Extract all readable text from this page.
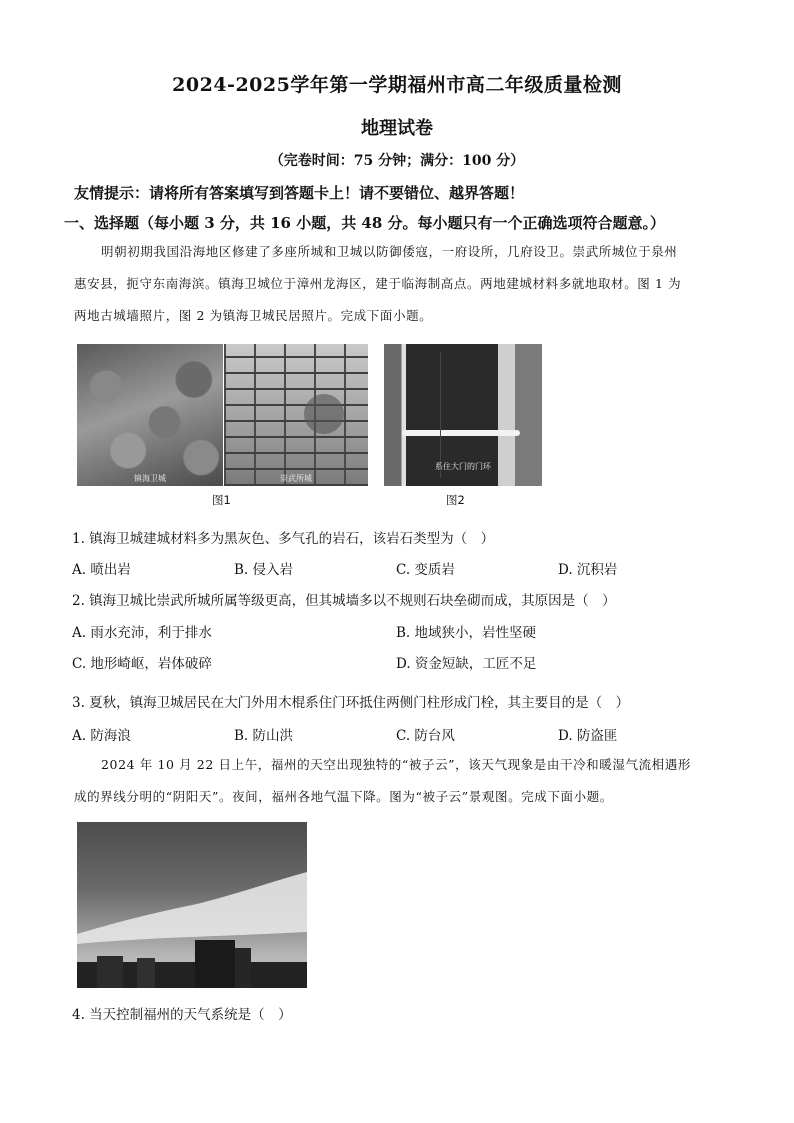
2024-2025学年第一学期福州市高二年级质量检测
地理试卷
（完卷时间：75 分钟；满分：100 分）
友情提示：请将所有答案填写到答题卡上！请不要错位、越界答题！
一、选择题（每小题 3 分，共 16 小题，共 48 分。每小题只有一个正确选项符合题意。）
明朝初期我国沿海地区修建了多座所城和卫城以防御倭寇，一府设所，几府设卫。崇武所城位于泉州
惠安县，扼守东南海滨。镇海卫城位于漳州龙海区，建于临海制高点。两地建城材料多就地取材。图 1 为
两地古城墙照片，图 2 为镇海卫城民居照片。完成下面小题。
镇海卫城	崇武所城
系住大门的门环
图1	图2
1. 镇海卫城建城材料多为黑灰色、多气孔的岩石，该岩石类型为（　）
A. 喷出岩	B. 侵入岩	C. 变质岩	D. 沉积岩
2. 镇海卫城比崇武所城所属等级更高，但其城墙多以不规则石块垒砌而成，其原因是（　）
A. 雨水充沛，利于排水	B. 地域狭小，岩性坚硬
C. 地形崎岖，岩体破碎	D. 资金短缺，工匠不足
3. 夏秋，镇海卫城居民在大门外用木棍系住门环抵住两侧门柱形成门栓，其主要目的是（　）
A. 防海浪	B. 防山洪	C. 防台风	D. 防盗匪
2024 年 10 月 22 日上午，福州的天空出现独特的“被子云”，该天气现象是由干冷和暖湿气流相遇形
成的界线分明的“阴阳天”。夜间，福州各地气温下降。图为“被子云”景观图。完成下面小题。
4. 当天控制福州的天气系统是（　）
